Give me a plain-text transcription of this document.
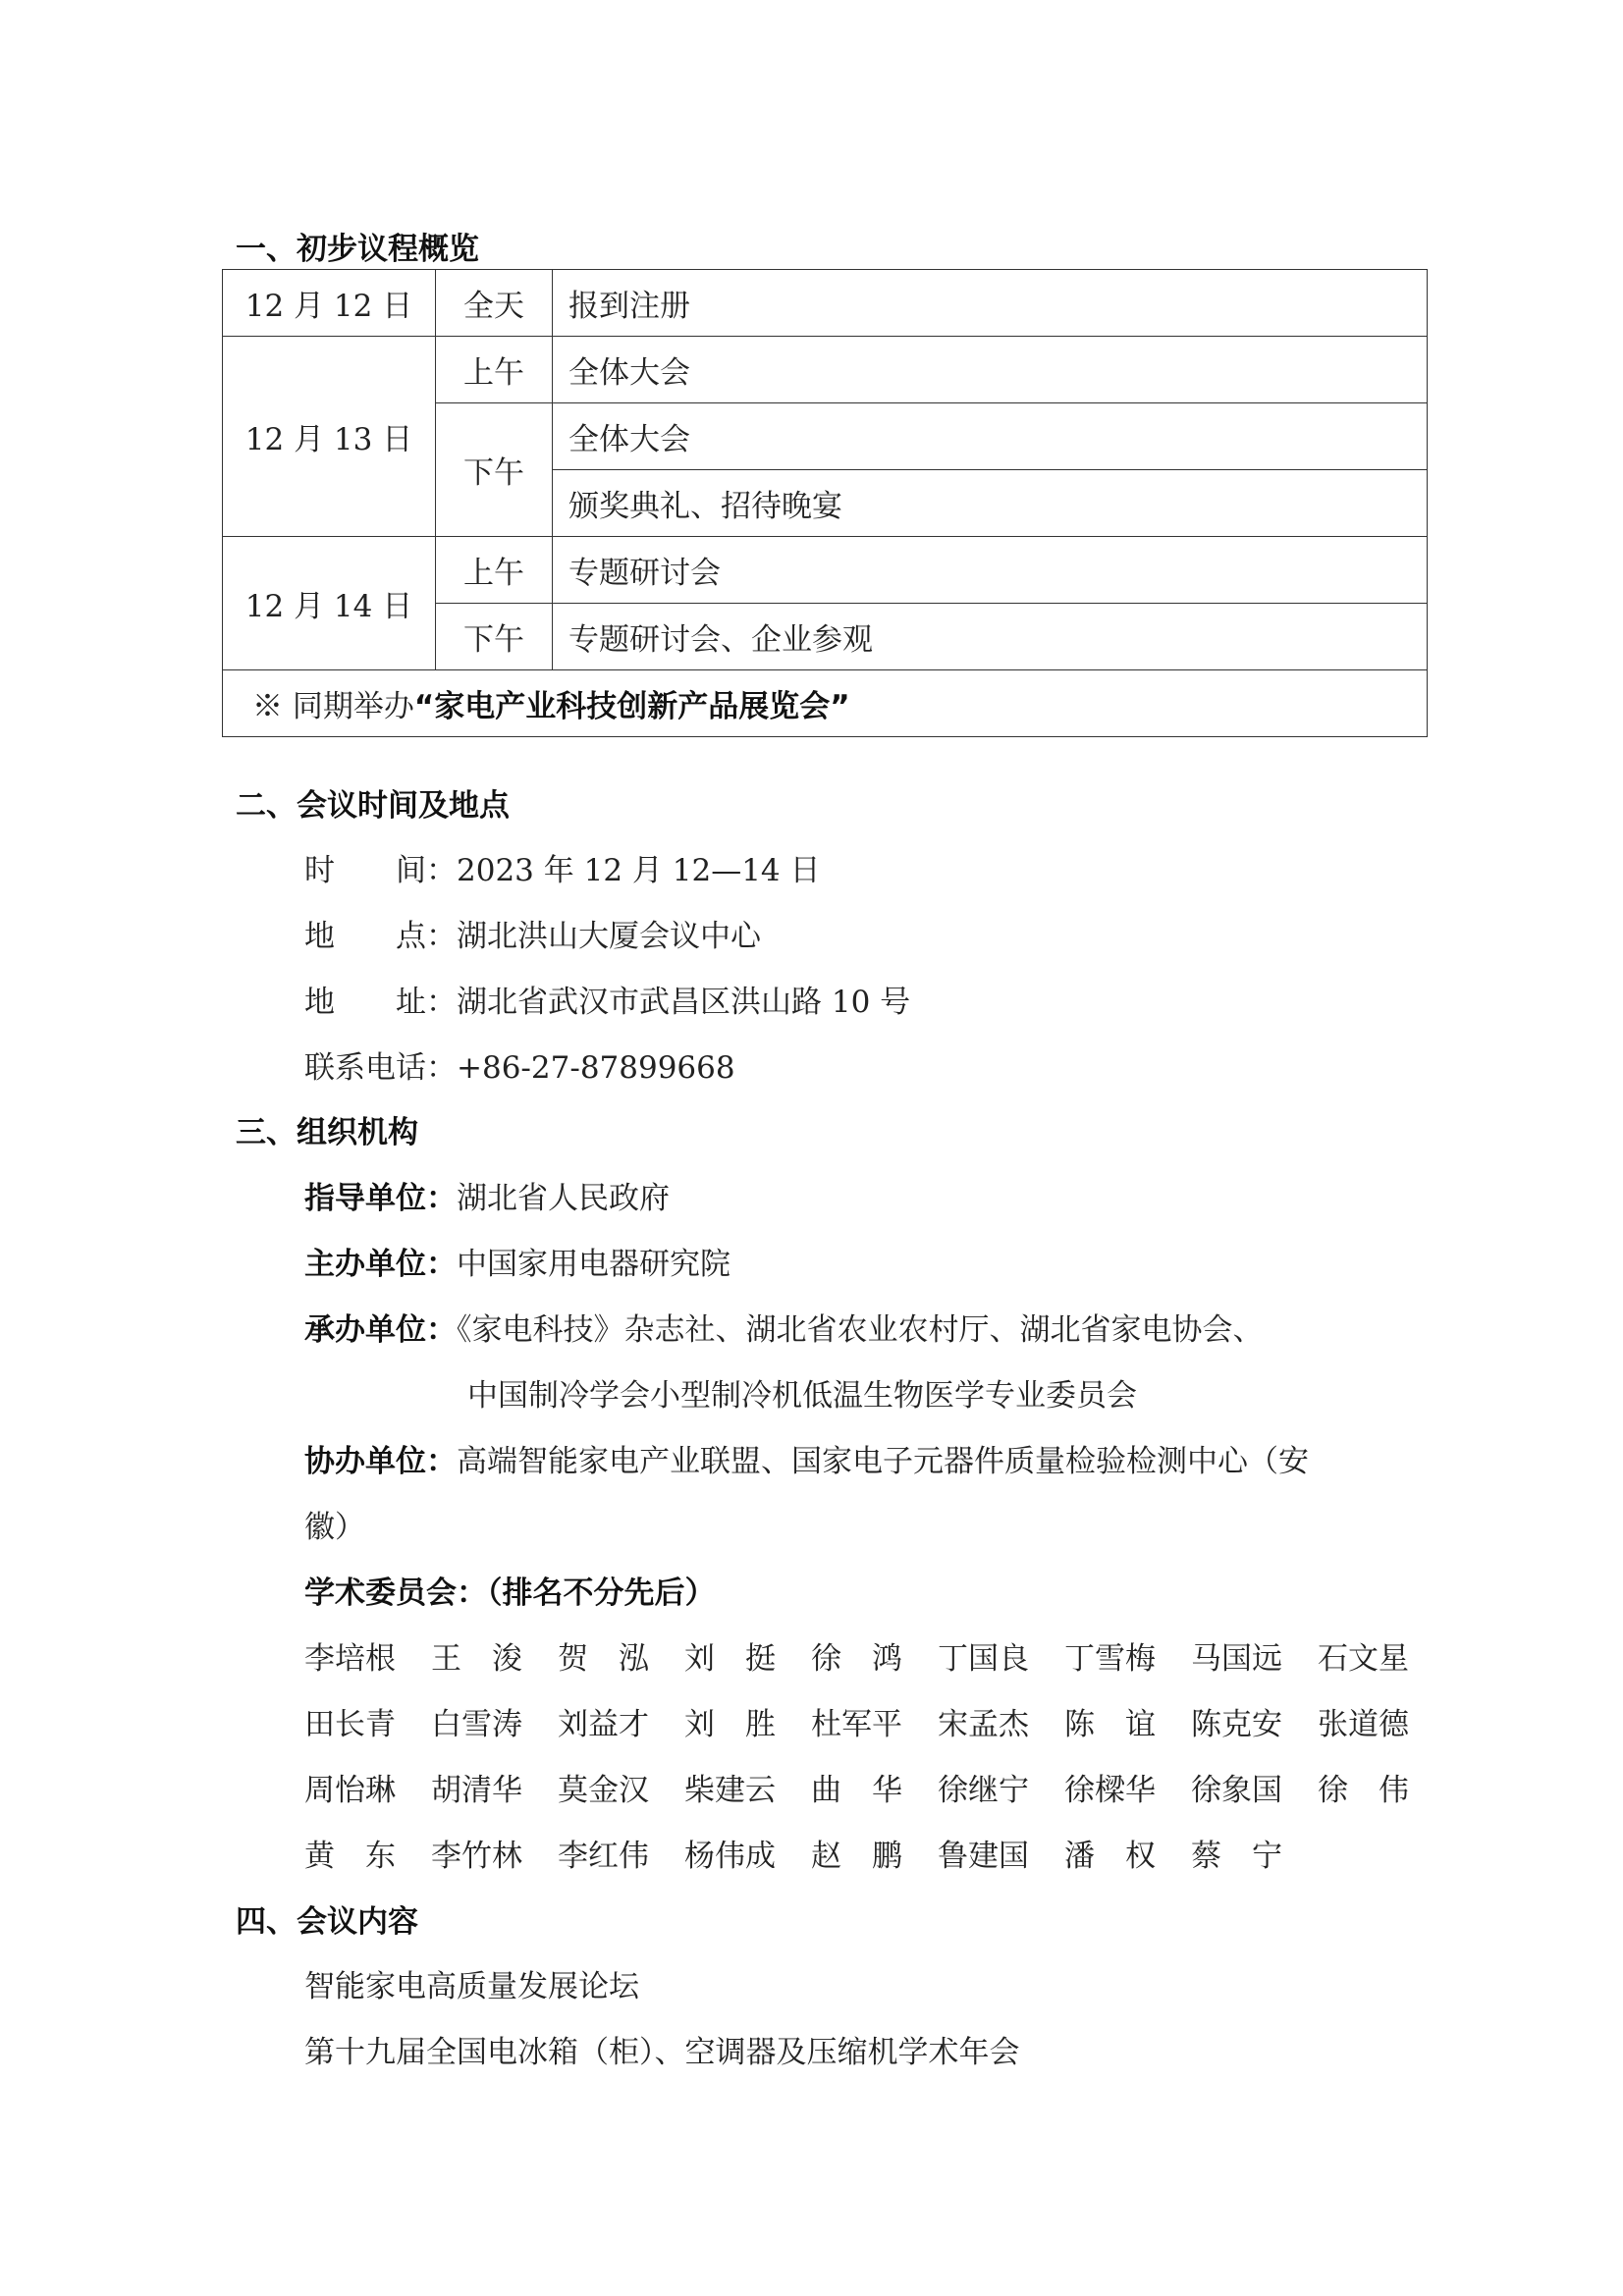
一、初步议程概览
12 月 12 日	全天	报到注册
12 月 13 日	上午	全体大会
	下午	全体大会
		颁奖典礼、招待晚宴
12 月 14 日	上午	专题研讨会
	下午	专题研讨会、企业参观
※ 同期举办“家电产业科技创新产品展览会”		
二、会议时间及地点
时　　间：2023 年 12 月 12—14 日
地　　点：湖北洪山大厦会议中心
地　　址：湖北省武汉市武昌区洪山路 10 号
联系电话：+86-27-87899668
三、组织机构
指导单位：湖北省人民政府
主办单位：中国家用电器研究院
承办单位：《家电科技》杂志社、湖北省农业农村厅、湖北省家电协会、
中国制冷学会小型制冷机低温生物医学专业委员会
协办单位：高端智能家电产业联盟、国家电子元器件质量检验检测中心（安
徽）
学术委员会：（排名不分先后）
李培根 王　浚 贺　泓 刘　挺 徐　鸿 丁国良 丁雪梅 马国远 石文星
田长青 白雪涛 刘益才 刘　胜 杜军平 宋孟杰 陈　谊 陈克安 张道德
周怡琳 胡清华 莫金汉 柴建云 曲　华 徐继宁 徐樑华 徐象国 徐　伟
黄　东 李竹林 李红伟 杨伟成 赵　鹏 鲁建国 潘　权 蔡　宁
四、会议内容
智能家电高质量发展论坛
第十九届全国电冰箱（柜）、空调器及压缩机学术年会
